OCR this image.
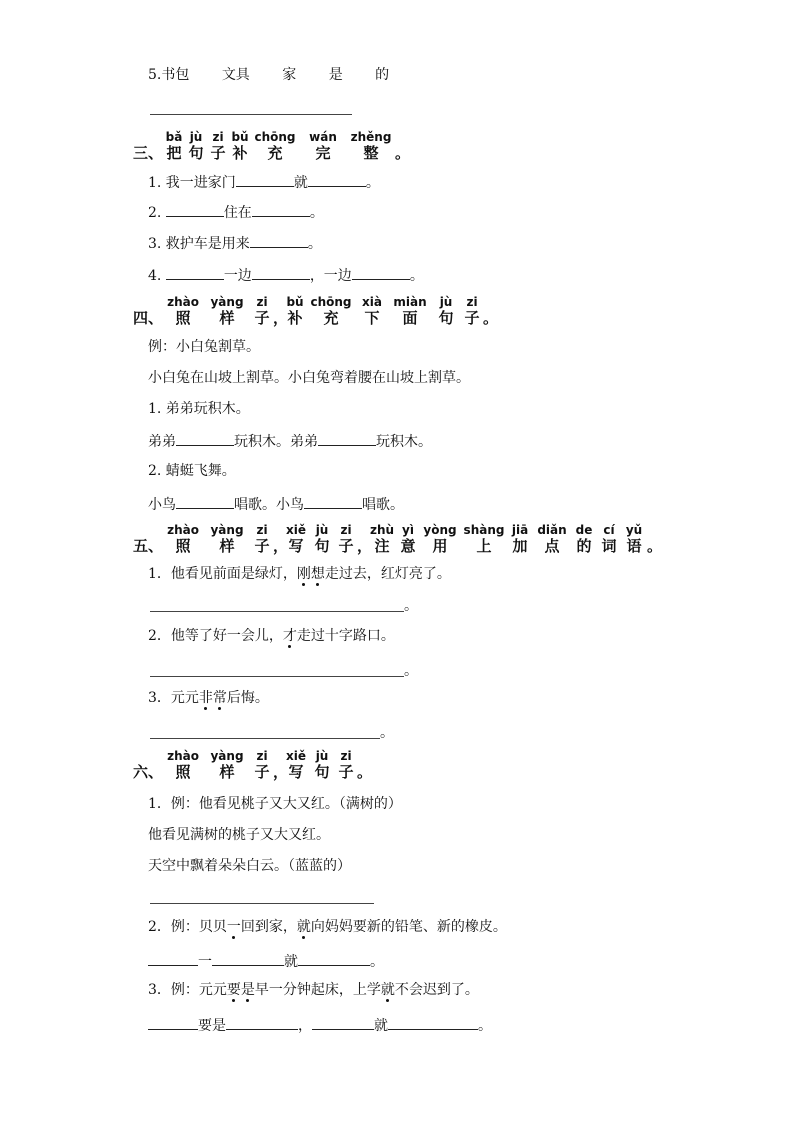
5.书包 文具 家 是 的

三、
bǎ
把
jù
句
zi
子
bǔ
补
chōng
充
wán
完
zhěng
整
	。
1. 我一进家门	就	。
2.	住在	。
3. 救护车是用来	。
4.	一边	，一边	。

四、
zhào
照
yàng
样
zi
子
，
bǔ
补
chōng
充
xià
下
miàn
面
jù
句
zi
子
。
例：小白兔割草。
小白兔在山坡上割草。小白兔弯着腰在山坡上割草。
1. 弟弟玩积木。
弟弟	玩积木。弟弟	玩积木。
2. 蜻蜓飞舞。
小鸟	唱歌。小鸟	唱歌。

五、
zhào
照
yàng
样
zi
子
，
xiě
写
jù
句
zi
子
，
zhù
注
yì
意
yòng
用
shàng
上
jiā
加
diǎn
点
de
的
cí
词
yǔ
语
。
1．他看见前面是绿灯，刚想走过去，红灯亮了。
。
2．他等了好一会儿，才走过十字路口。
。
3．元元非常后悔。
。

六、
zhào
照
yàng
样
zi
子
，
xiě
写
jù
句
zi
子
。
1．例：他看见桃子又大又红。（满树的）
他看见满树的桃子又大又红。
天空中飘着朵朵白云。（蓝蓝的）
2．例：贝贝一回到家，就向妈妈要新的铅笔、新的橡皮。
一	就	。
3．例：元元要是早一分钟起床，上学就不会迟到了。
要是	，	就	。
